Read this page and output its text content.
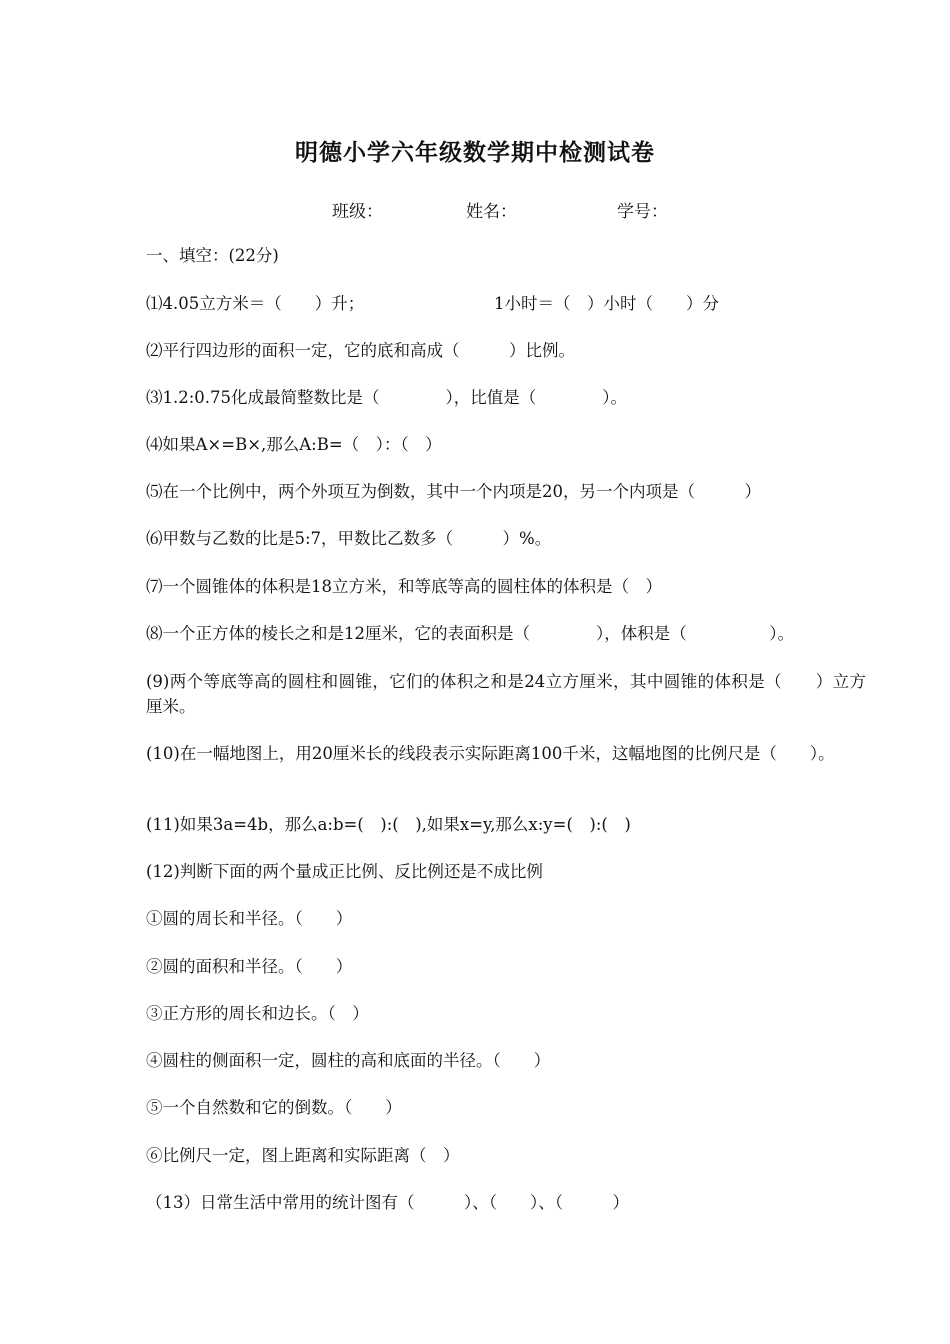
明德小学六年级数学期中检测试卷
班级：	姓名：	学号：
一、填空：(22分)
⑴4.05立方米＝（　　）升；	1小时＝（　）小时（　　）分
⑵平行四边形的面积一定，它的底和高成（　　　）比例。
⑶1.2:0.75化成最简整数比是（　　　　），比值是（　　　　）。
⑷如果A×=B×,那么A:B=（　）：（　）
⑸在一个比例中，两个外项互为倒数，其中一个内项是20，另一个内项是（　　　）
⑹甲数与乙数的比是5:7，甲数比乙数多（　　　）%。
⑺一个圆锥体的体积是18立方米，和等底等高的圆柱体的体积是（　）
⑻一个正方体的棱长之和是12厘米，它的表面积是（　　　　），体积是（　　　　　）。
(9)两个等底等高的圆柱和圆锥，它们的体积之和是24立方厘米，其中圆锥的体积是（　　）立方厘米。
(10)在一幅地图上，用20厘米长的线段表示实际距离100千米，这幅地图的比例尺是（　　）。
(11)如果3a=4b，那么a:b=(　):(　),如果x=y,那么x:y=(　):(　)
(12)判断下面的两个量成正比例、反比例还是不成比例
①圆的周长和半径。（　　）
②圆的面积和半径。（　　）
③正方形的周长和边长。（　）
④圆柱的侧面积一定，圆柱的高和底面的半径。（　　）
⑤一个自然数和它的倒数。（　　）
⑥比例尺一定，图上距离和实际距离（　）
（13）日常生活中常用的统计图有（　　　）、（　　）、（　　　）
